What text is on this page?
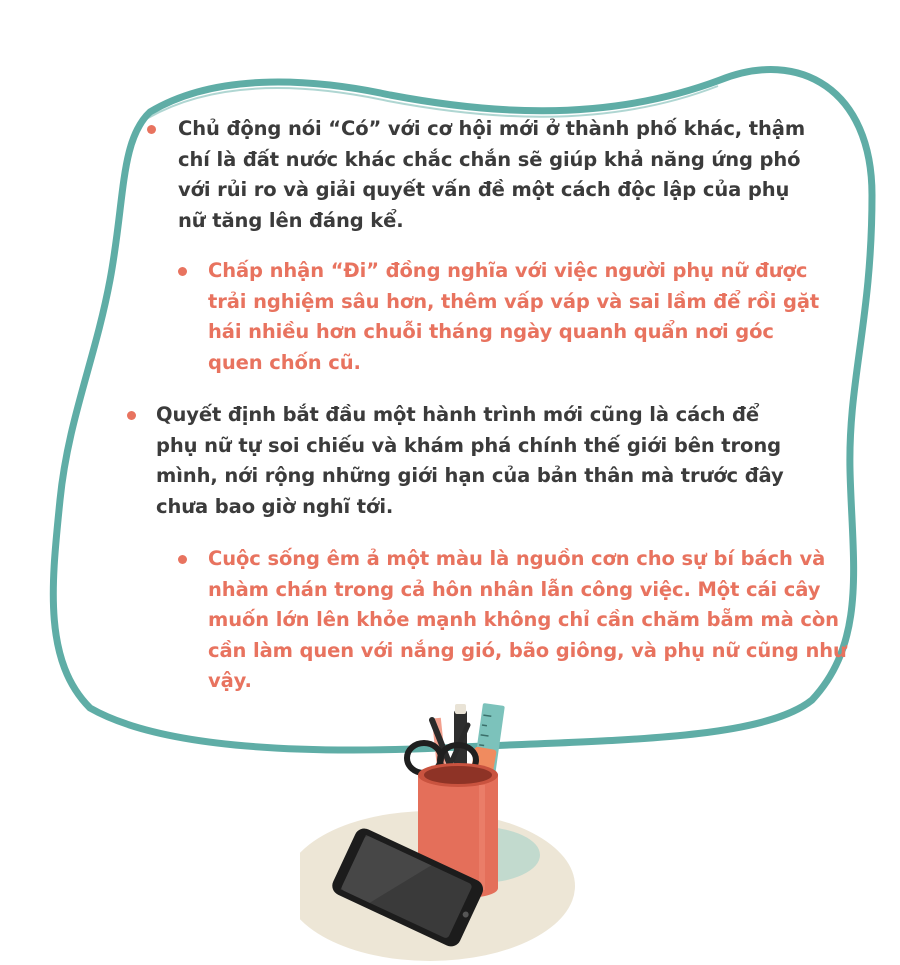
Chủ động nói “Có” với cơ hội mới ở thành phố khác, thậm chí là đất nước khác chắc chắn sẽ giúp khả năng ứng phó với rủi ro và giải quyết vấn đề một cách độc lập của phụ nữ tăng lên đáng kể.
Chấp nhận “Đi” đồng nghĩa với việc người phụ nữ được trải nghiệm sâu hơn, thêm vấp váp và sai lầm để rồi gặt hái nhiều hơn chuỗi tháng ngày quanh quẩn nơi góc quen chốn cũ.
Quyết định bắt đầu một hành trình mới cũng là cách để phụ nữ tự soi chiếu và khám phá chính thế giới bên trong mình, nới rộng những giới hạn của bản thân mà trước đây chưa bao giờ nghĩ tới.
Cuộc sống êm ả một màu là nguồn cơn cho sự bí bách và nhàm chán trong cả hôn nhân lẫn công việc. Một cái cây muốn lớn lên khỏe mạnh không chỉ cần chăm bẵm mà còn cần làm quen với nắng gió, bão giông, và phụ nữ cũng như vậy.
